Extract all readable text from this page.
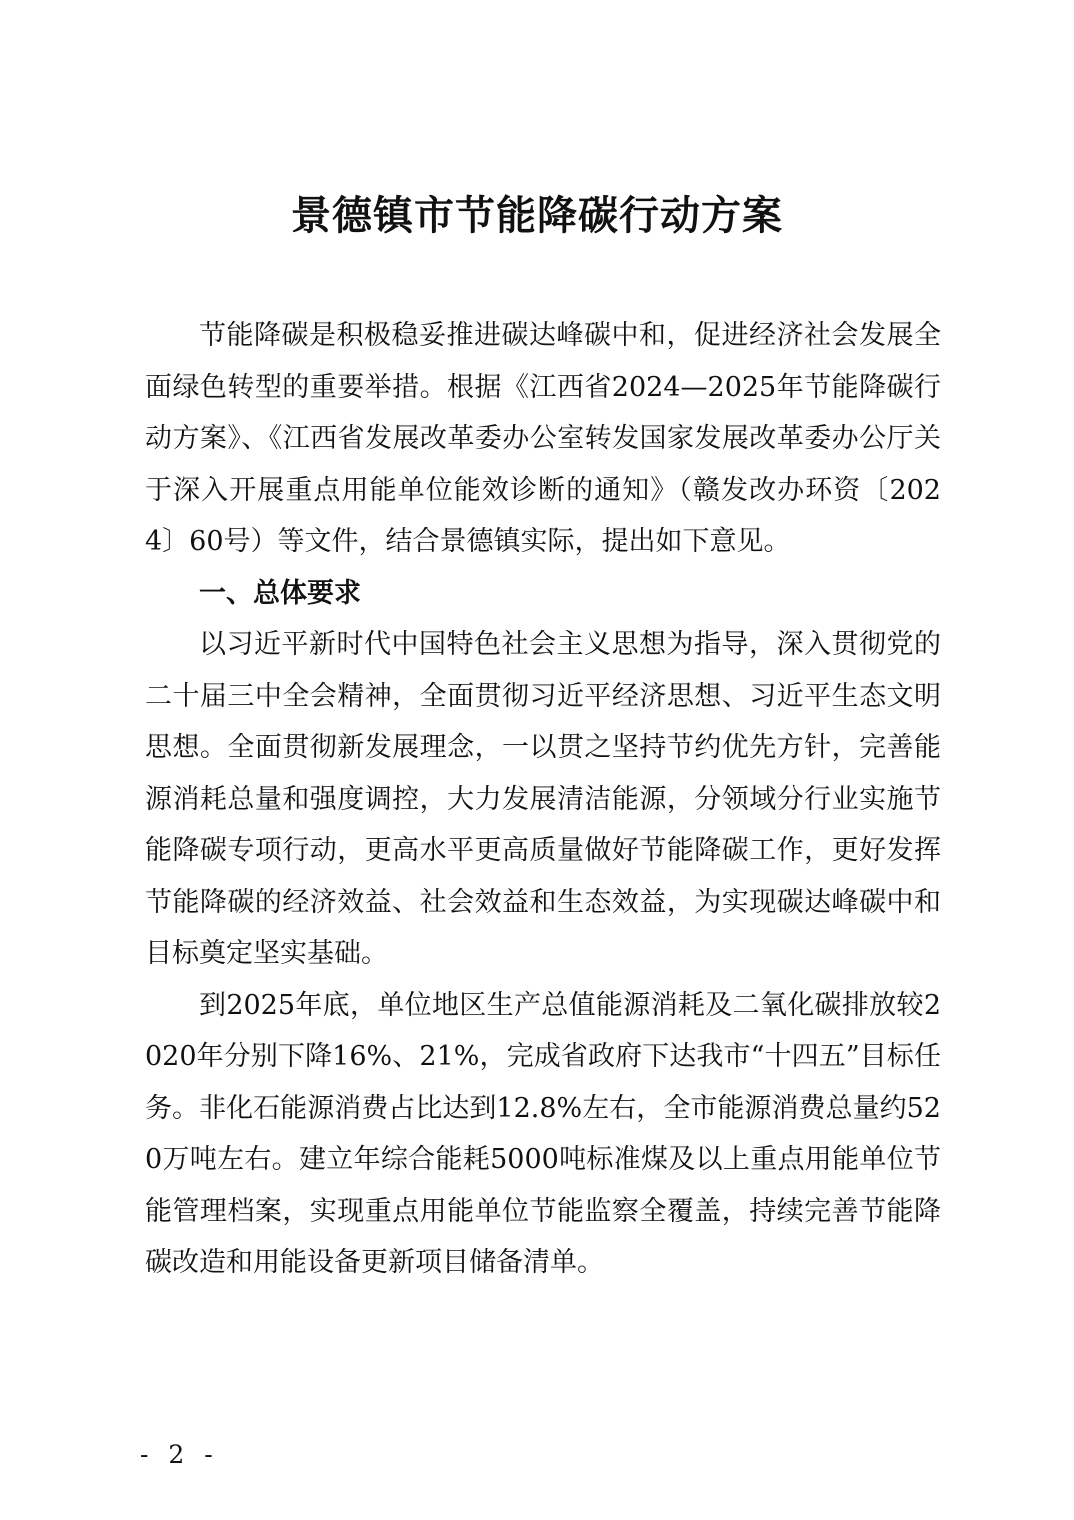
景德镇市节能降碳行动方案

节能降碳是积极稳妥推进碳达峰碳中和，促进经济社会发展全面绿色转型的重要举措。根据《江西省2024—2025年节能降碳行动方案》、《江西省发展改革委办公室转发国家发展改革委办公厅关于深入开展重点用能单位能效诊断的通知》（赣发改办环资〔2024〕60号）等文件，结合景德镇实际，提出如下意见。

一、总体要求

以习近平新时代中国特色社会主义思想为指导，深入贯彻党的二十届三中全会精神，全面贯彻习近平经济思想、习近平生态文明思想。全面贯彻新发展理念，一以贯之坚持节约优先方针，完善能源消耗总量和强度调控，大力发展清洁能源，分领域分行业实施节能降碳专项行动，更高水平更高质量做好节能降碳工作，更好发挥节能降碳的经济效益、社会效益和生态效益，为实现碳达峰碳中和目标奠定坚实基础。

到2025年底，单位地区生产总值能源消耗及二氧化碳排放较2020年分别下降16%、21%，完成省政府下达我市“十四五”目标任务。非化石能源消费占比达到12.8%左右，全市能源消费总量约520万吨左右。建立年综合能耗5000吨标准煤及以上重点用能单位节能管理档案，实现重点用能单位节能监察全覆盖，持续完善节能降碳改造和用能设备更新项目储备清单。

- 2 -
